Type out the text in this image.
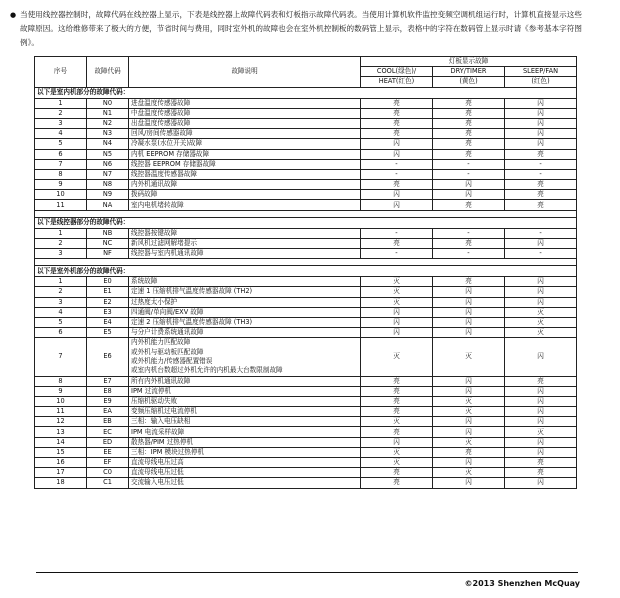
● 当使用线控器控制时，故障代码在线控器上显示，下表是线控器上故障代码表和灯板指示故障代码表。当使用计算机软件监控变频空调机组运行时，计算机直接显示这些故障原因。这给维修带来了极大的方便，节省时间与费用，同时室外机的故障也会在室外机控制板的数码管上显示，表格中的字符在数码管上显示时请《参考基本字符图例》。
序号	故障代码	故障说明	灯板显示故障		
			COOL(绿色)/	DRY/TIMER	SLEEP/FAN
			HEAT(红色)	(黄色)	(红色)
以下是室内机部分的故障代码：					
1	N0	进盘温度传感器故障	亮	亮	闪
2	N1	中盘温度传感器故障	亮	亮	闪
3	N2	出盘温度传感器故障	亮	亮	闪
4	N3	回风/房间传感器故障	亮	亮	闪
5	N4	冷凝水泵(水位开关)故障	闪	亮	闪
6	N5	内机 EEPROM 存储器故障	闪	亮	亮
7	N6	线控器 EEPROM 存储器故障	-	-	-
8	N7	线控器温度传感器故障	-	-	-
9	N8	内外机通讯故障	亮	闪	亮
10	N9	拨码故障	闪	闪	亮
11	NA	室内电机堵转故障	闪	亮	亮

以下是线控器部分的故障代码：					
1	NB	线控器按键故障	-	-	-
2	NC	新风机过滤网解堵提示	亮	亮	闪
3	NF	线控器与室内机通讯故障	-	-	-

以下是室外机部分的故障代码：					
1	E0	系统故障	灭	亮	闪
2	E1	定速 1 压缩机排气温度传感器故障 (TH2)	灭	闪	闪
3	E2	过热度太小保护	灭	闪	闪
4	E3	四通阀/单向阀/EXV 故障	闪	闪	灭
5	E4	定速 2 压缩机排气温度传感器故障 (TH3)	闪	闪	灭
6	E5	与分户计费系统通讯故障	闪	闪	灭
7	E6	内外机能力匹配故障
或外机与驱动板匹配故障
或外机能力/传感器配置错误
或室内机台数超过外机允许的内机最大台数限制故障	灭	灭	闪
8	E7	所有内外机通讯故障	亮	闪	亮
9	E8	IPM 过流停机	亮	闪	闪
10	E9	压缩机驱动失败	亮	灭	闪
11	EA	变频压缩机过电流停机	亮	灭	闪
12	EB	三相：输入电压缺相	灭	闪	闪
13	EC	IPM 电流采样故障	亮	闪	灭
14	ED	散热器/PIM 过热停机	闪	灭	闪
15	EE	三相：IPM 模块过热停机	灭	亮	闪
16	EF	直流母线电压过高	灭	闪	亮
17	C0	直流母线电压过低	亮	灭	亮
18	C1	交流输入电压过低	亮	闪	闪
©2013 Shenzhen McQuay
